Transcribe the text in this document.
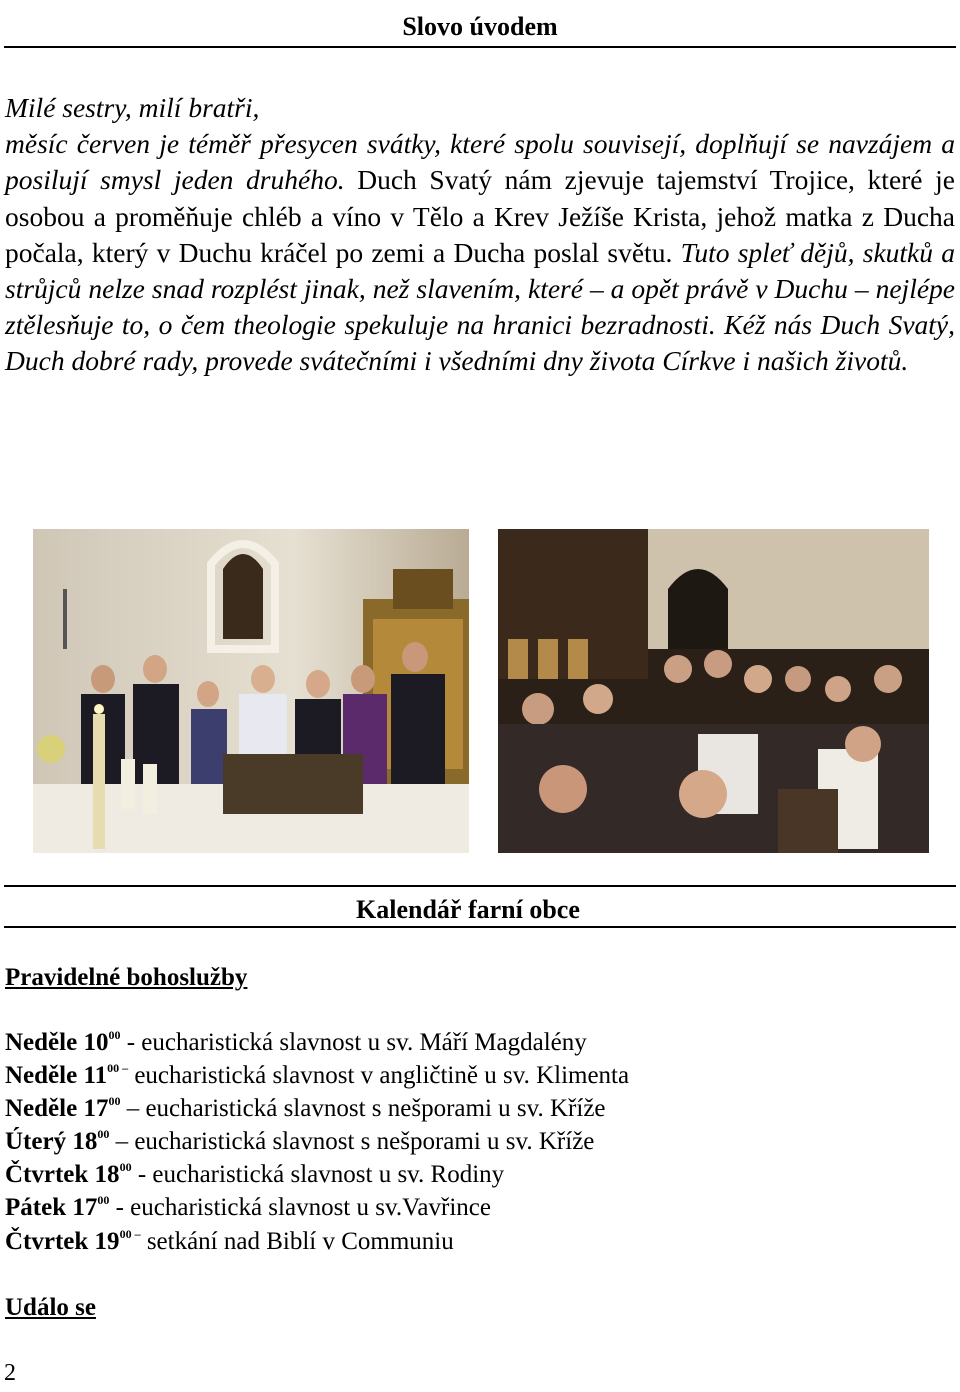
Slovo úvodem

Milé sestry, milí bratři,

měsíc červen je téměř přesycen svátky, které spolu souvisejí, doplňují se navzájem a posilují smysl jeden druhého. Duch Svatý nám zjevuje tajemství Trojice, které je osobou a proměňuje chléb a víno v Tělo a Krev Ježíše Krista, jehož matka z Ducha počala, který v Duchu kráčel po zemi a Ducha poslal světu. Tuto spleť dějů, skutků a strůjců nelze snad rozplést jinak, než slavením, které – a opět právě v Duchu – nejlépe ztělesňuje to, o čem theologie spekuluje na hranici bezradnosti. Kéž nás Duch Svatý, Duch dobré rady, provede svátečními i všedními dny života Církve i našich životů.

Kalendář farní obce
Pravidelné bohoslužby
Neděle $10^{00}$ - eucharistická slavnost u sv. Máří Magdalény
Neděle $11^{00 -}$ eucharistická slavnost v angličtině u sv. Klimenta
Neděle $17^{00}$ – eucharistická slavnost s nešporami u sv. Kříže
Úterý $18^{00}$ – eucharistická slavnost s nešporami u sv. Kříže
Čtvrtek $18^{00}$ - eucharistická slavnost u sv. Rodiny
Pátek $17^{00}$ - eucharistická slavnost u sv.Vavřince
Čtvrtek $19^{00 -}$ setkání nad Biblí v Communiu
Událo se
2
